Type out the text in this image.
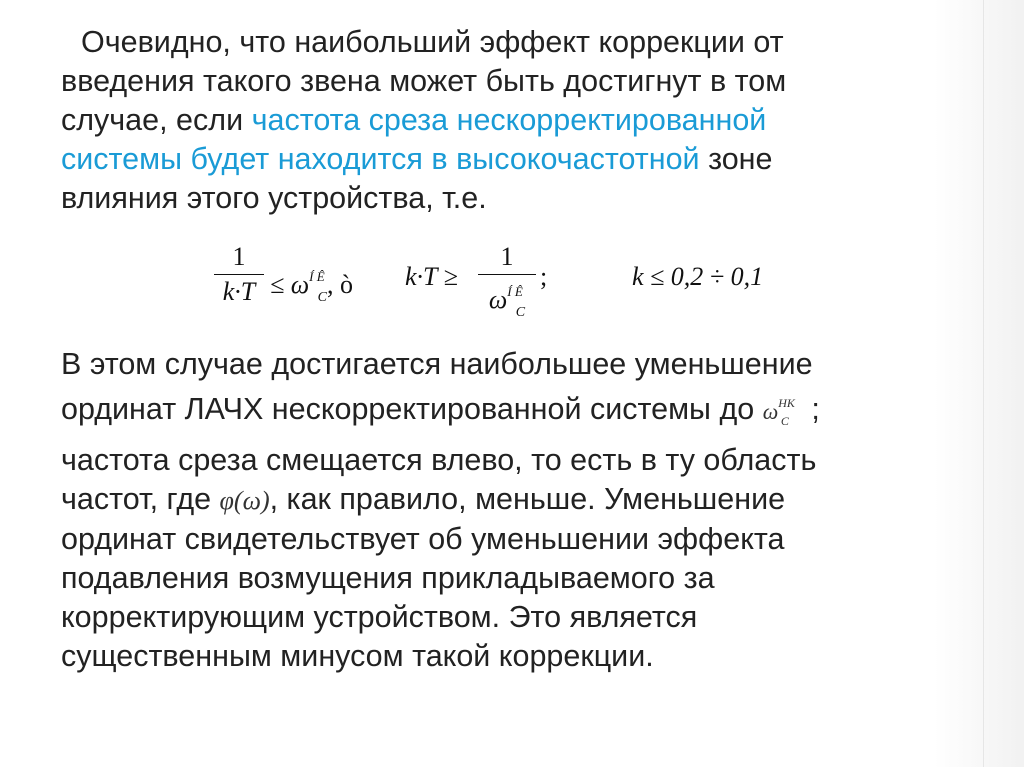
Очевидно, что наибольший эффект коррекции от
введения такого звена может быть достигнут в том
случае, если частота среза нескорректированной
системы будет находится в высокочастотной зоне
влияния этого устройства, т.е.
1
$k\cdot T \le \omega^{Í Ê}_C$, ò k·T ≥
1
$\omega^{Í Ê}_C$
;	k ≤ 0,2 ÷ 0,1
В этом случае достигается наибольшее уменьшение
ординат ЛАЧХ нескорректированной системы до $\omega^{НК}_C$ ;
частота среза смещается влево, то есть в ту область
частот, где φ(ω), как правило, меньше. Уменьшение
ординат свидетельствует об уменьшении эффекта
подавления возмущения прикладываемого за
корректирующим устройством. Это является
существенным минусом такой коррекции.
